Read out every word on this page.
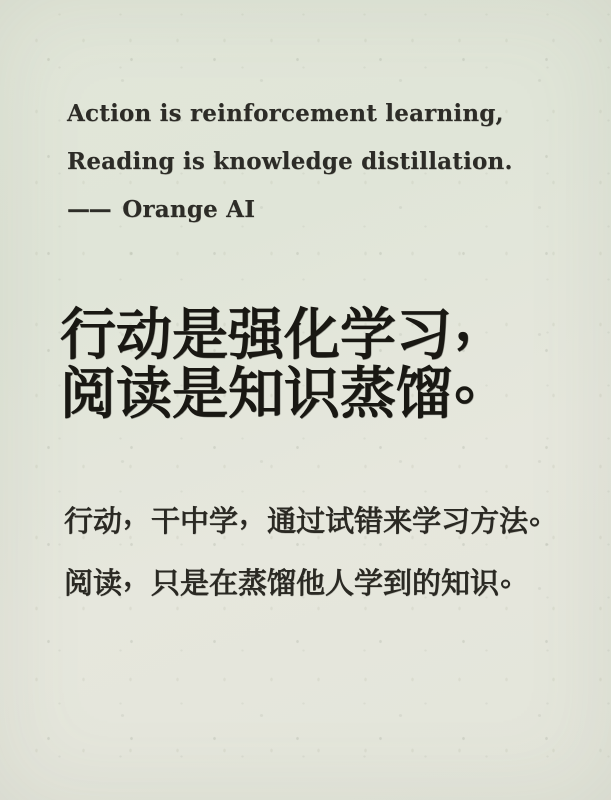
Action is reinforcement learning,
Reading is knowledge distillation.
—— Orange AI
行动是强化学习，
阅读是知识蒸馏。
行动，干中学，通过试错来学习方法。
阅读，只是在蒸馏他人学到的知识。
